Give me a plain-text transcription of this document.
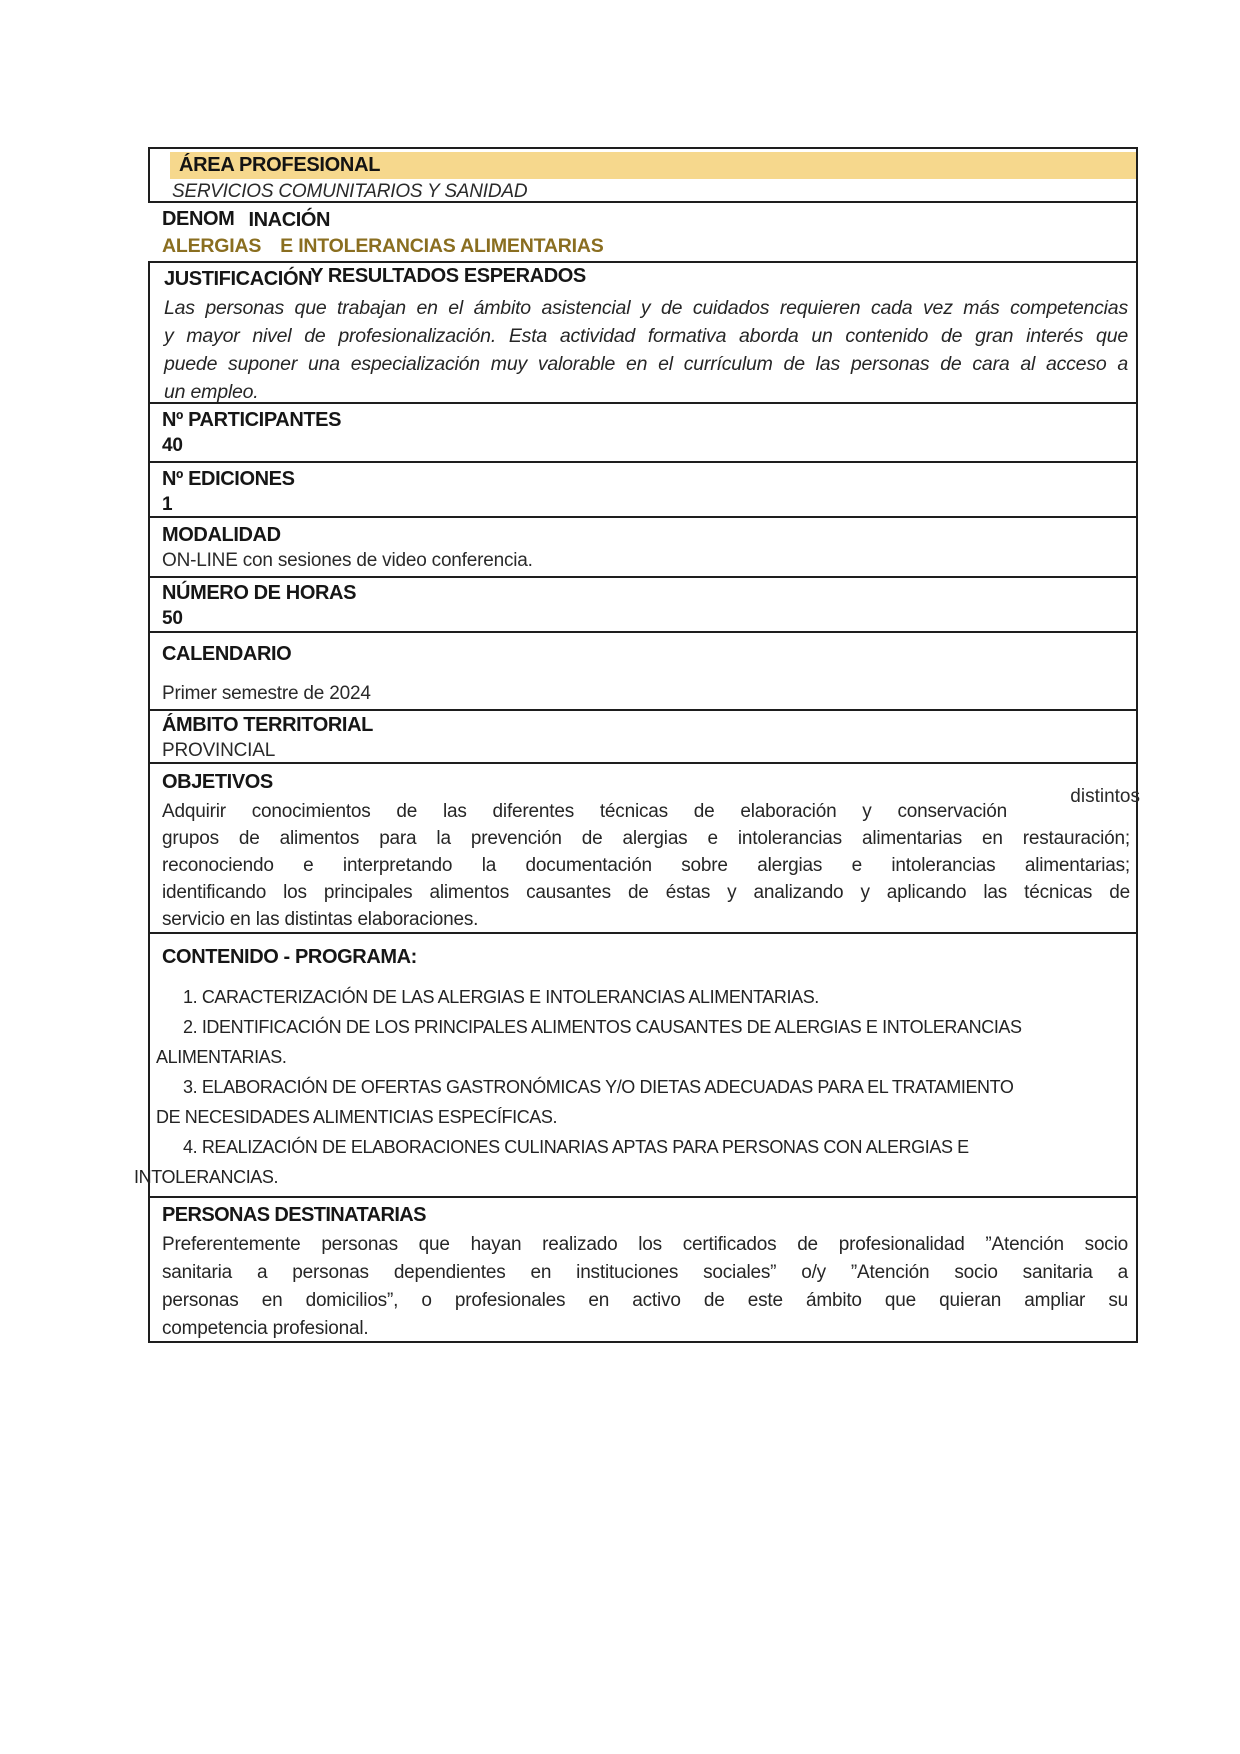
ÁREA PROFESIONAL
SERVICIOS COMUNITARIOS Y SANIDAD
DENOM INACIÓN
ALERGIAS E INTOLERANCIAS ALIMENTARIAS
JUSTIFICACIÓNY RESULTADOS ESPERADOS
Las personas que trabajan en el ámbito asistencial y de cuidados requieren cada vez más competencias
y mayor nivel de profesionalización. Esta actividad formativa aborda un contenido de gran interés que
puede suponer una especialización muy valorable en el currículum de las personas de cara al acceso a
un empleo.
Nº PARTICIPANTES
40
Nº EDICIONES
1
MODALIDAD
ON-LINE con sesiones de video conferencia.
NÚMERO DE HORAS
50
CALENDARIO
Primer semestre de 2024
ÁMBITO TERRITORIAL
PROVINCIAL
OBJETIVOS
distintos
Adquirir conocimientos de las diferentes técnicas de elaboración y conservación
grupos de alimentos para la prevención de alergias e intolerancias alimentarias en restauración;
reconociendo e interpretando la documentación sobre alergias e intolerancias alimentarias;
identificando los principales alimentos causantes de éstas y analizando y aplicando las técnicas de
servicio en las distintas elaboraciones.
CONTENIDO - PROGRAMA:
1. CARACTERIZACIÓN DE LAS ALERGIAS E INTOLERANCIAS ALIMENTARIAS.
2. IDENTIFICACIÓN DE LOS PRINCIPALES ALIMENTOS CAUSANTES DE ALERGIAS E INTOLERANCIAS
ALIMENTARIAS.
3. ELABORACIÓN DE OFERTAS GASTRONÓMICAS Y/O DIETAS ADECUADAS PARA EL TRATAMIENTO
DE NECESIDADES ALIMENTICIAS ESPECÍFICAS.
4. REALIZACIÓN DE ELABORACIONES CULINARIAS APTAS PARA PERSONAS CON ALERGIAS E
INTOLERANCIAS.
PERSONAS DESTINATARIAS
Preferentemente personas que hayan realizado los certificados de profesionalidad ”Atención socio
sanitaria a personas dependientes en instituciones sociales” o/y ”Atención socio sanitaria a
personas en domicilios”, o profesionales en activo de este ámbito que quieran ampliar su
competencia profesional.
